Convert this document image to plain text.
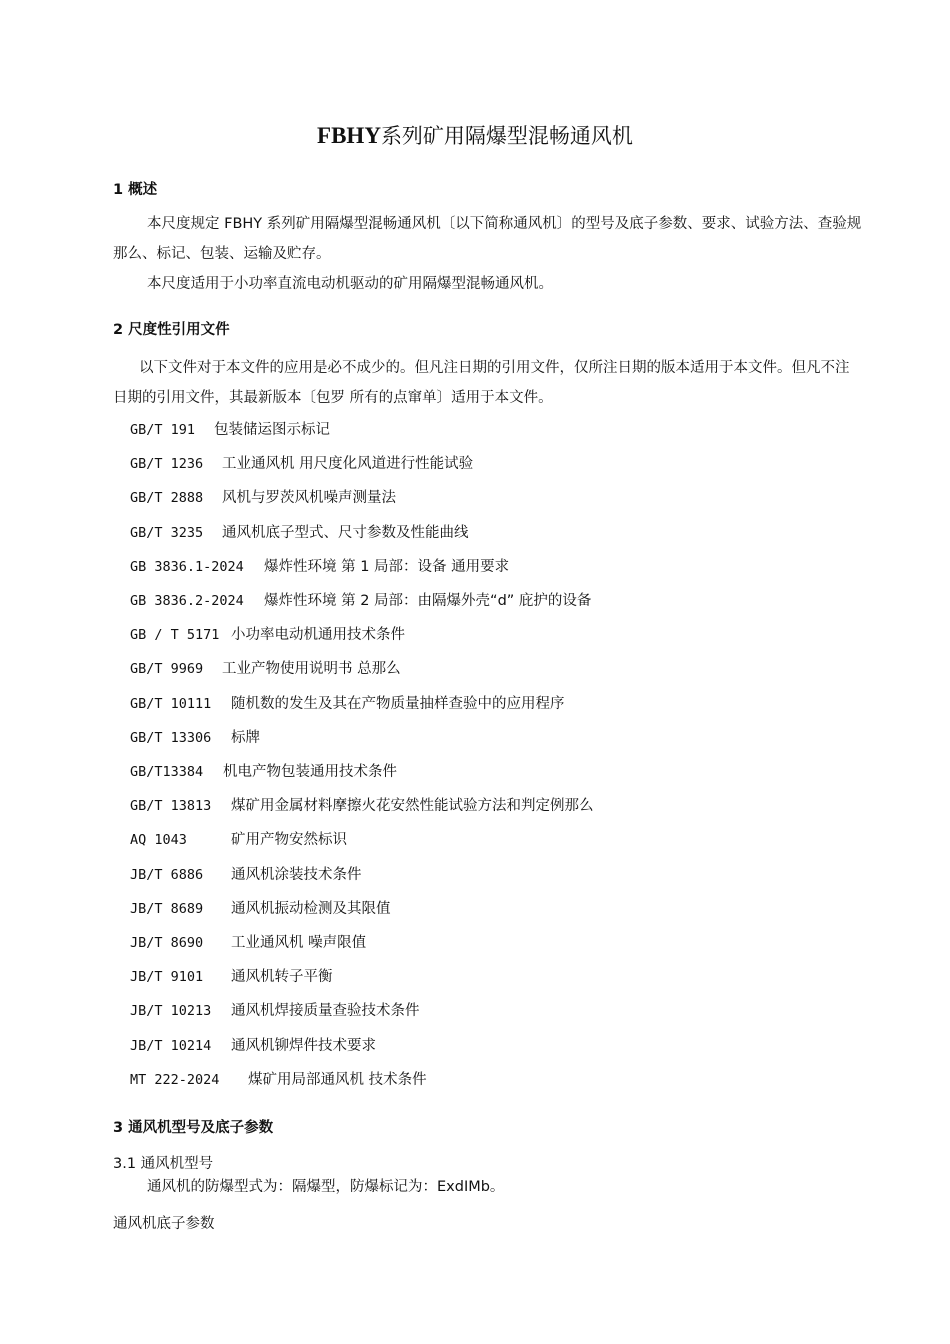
FBHY系列矿用隔爆型混畅通风机
1 概述
本尺度规定 FBHY 系列矿用隔爆型混畅通风机〔以下简称通风机〕的型号及底子参数、要求、试验方法、查验规那么、标记、包装、运输及贮存。
本尺度适用于小功率直流电动机驱动的矿用隔爆型混畅通风机。
2 尺度性引用文件
以下文件对于本文件的应用是必不成少的。但凡注日期的引用文件，仅所注日期的版本适用于本文件。但凡不注日期的引用文件，其最新版本〔包罗 所有的点窜单〕适用于本文件。
GB/T 191 包装储运图示标记
GB/T 1236 工业通风机 用尺度化风道进行性能试验
GB/T 2888 风机与罗茨风机噪声测量法
GB/T 3235 通风机底子型式、尺寸参数及性能曲线
GB 3836.1-2024 爆炸性环境 第 1 局部：设备 通用要求
GB 3836.2-2024 爆炸性环境 第 2 局部：由隔爆外壳“d” 庇护的设备
GB / T 5171 小功率电动机通用技术条件
GB/T 9969 工业产物使用说明书 总那么
GB/T 10111 随机数的发生及其在产物质量抽样查验中的应用程序
GB/T 13306 标牌
GB/T13384 机电产物包装通用技术条件
GB/T 13813 煤矿用金属材料摩擦火花安然性能试验方法和判定例那么
AQ 1043	矿用产物安然标识
JB/T 6886 通风机涂装技术条件
JB/T 8689 通风机振动检测及其限值
JB/T 8690 工业通风机 噪声限值
JB/T 9101 通风机转子平衡
JB/T 10213 通风机焊接质量查验技术条件
JB/T 10214 通风机铆焊件技术要求
MT 222-2024 煤矿用局部通风机 技术条件
3 通风机型号及底子参数
3.1 通风机型号
通风机的防爆型式为：隔爆型，防爆标记为：ExdIMb。
通风机底子参数
